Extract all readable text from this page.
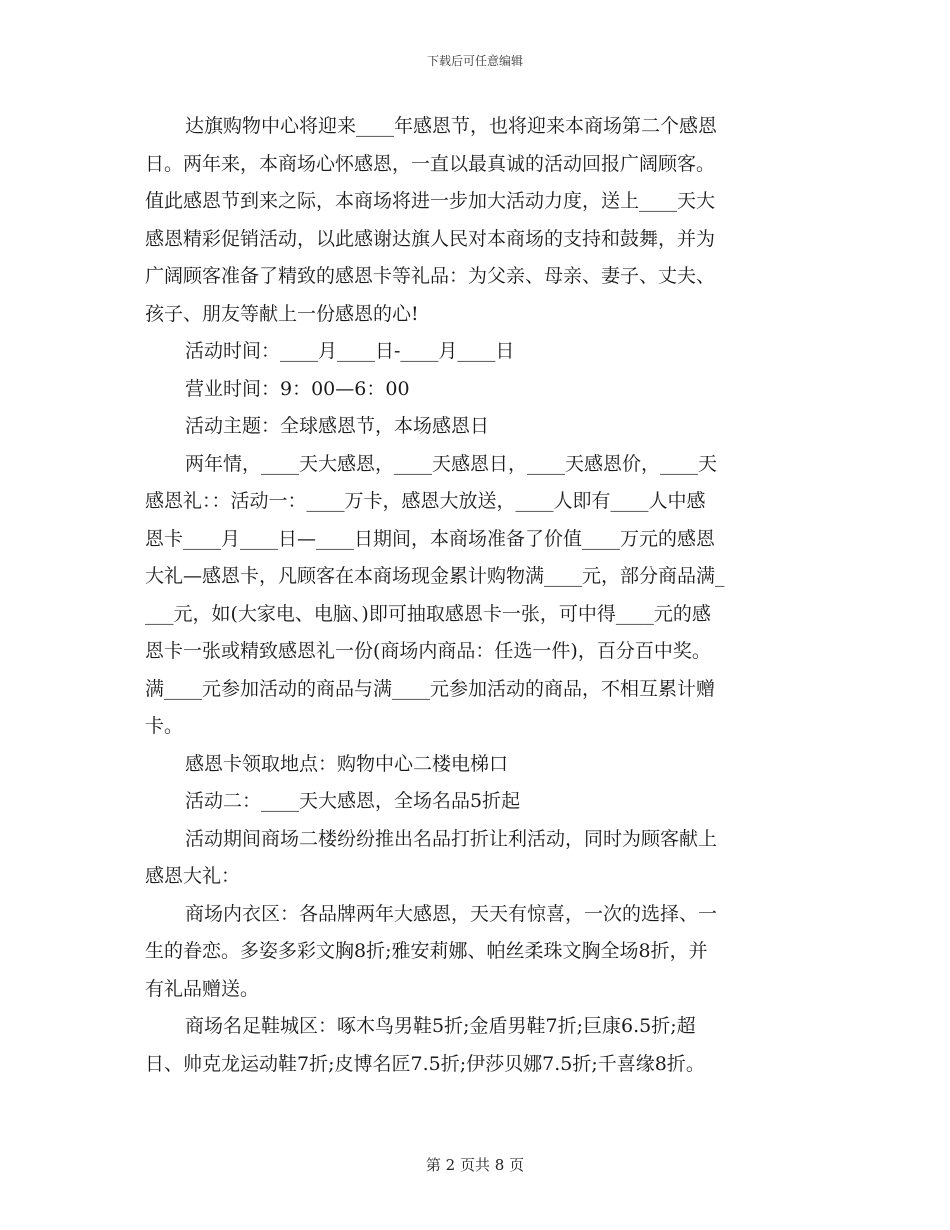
下载后可任意编辑

达旗购物中心将迎来____年感恩节，也将迎来本商场第二个感恩

日。两年来，本商场心怀感恩，一直以最真诚的活动回报广阔顾客。

值此感恩节到来之际，本商场将进一步加大活动力度，送上____天大

感恩精彩促销活动，以此感谢达旗人民对本商场的支持和鼓舞，并为

广阔顾客准备了精致的感恩卡等礼品：为父亲、母亲、妻子、丈夫、

孩子、朋友等献上一份感恩的心!

活动时间：____月____日-____月____日

营业时间：9：00—6：00

活动主题：全球感恩节，本场感恩日

两年情，____天大感恩，____天感恩日，____天感恩价，____天

感恩礼：：活动一：____万卡，感恩大放送，____人即有____人中感

恩卡____月____日—____日期间，本商场准备了价值____万元的感恩

大礼—感恩卡，凡顾客在本商场现金累计购物满____元，部分商品满_

___元，如(大家电、电脑、)即可抽取感恩卡一张，可中得____元的感

恩卡一张或精致感恩礼一份(商场内商品：任选一件)，百分百中奖。

满____元参加活动的商品与满____元参加活动的商品，不相互累计赠

卡。

感恩卡领取地点：购物中心二楼电梯口

活动二：____天大感恩，全场名品5折起

活动期间商场二楼纷纷推出名品打折让利活动，同时为顾客献上

感恩大礼：

商场内衣区：各品牌两年大感恩，天天有惊喜，一次的选择、一

生的眷恋。多姿多彩文胸8折;雅安莉娜、帕丝柔珠文胸全场8折，并

有礼品赠送。

商场名足鞋城区：啄木鸟男鞋5折;金盾男鞋7折;巨康6.5折;超

日、帅克龙运动鞋7折;皮博名匠7.5折;伊莎贝娜7.5折;千喜缘8折。

第 2 页共 8 页
